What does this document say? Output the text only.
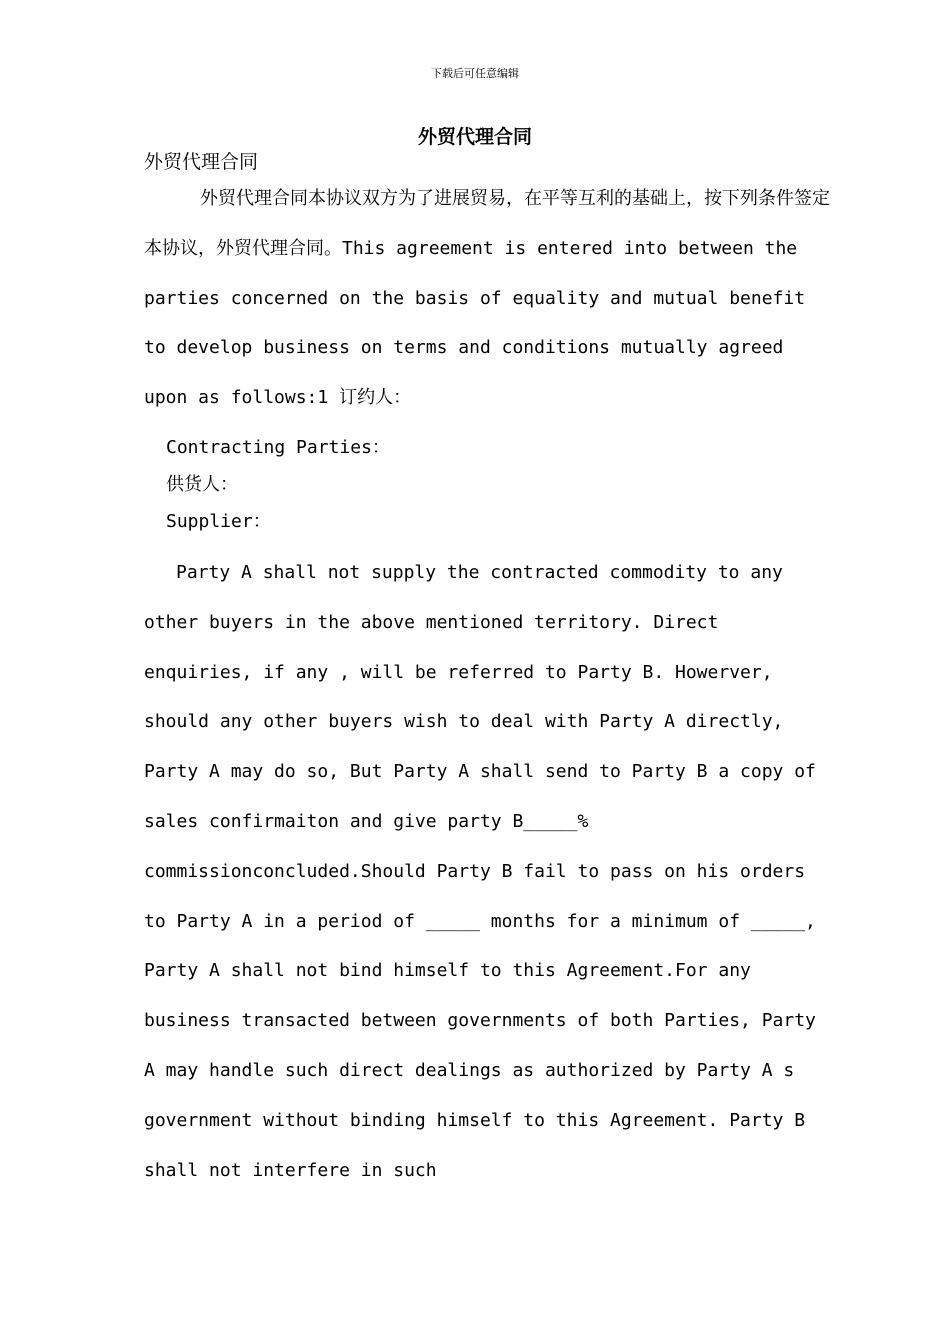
下载后可任意编辑
外贸代理合同
外贸代理合同
外贸代理合同本协议双方为了进展贸易，在平等互利的基础上，按下列条件签定本协议，外贸代理合同。This agreement is entered into between the parties concerned on the basis of equality and mutual benefit to develop business on terms and conditions mutually agreed upon as follows:1 订约人：
Contracting Parties：
供货人：
Supplier：
Party A shall not supply the contracted commodity to any other buyers in the above mentioned territory. Direct enquiries, if any , will be referred to Party B. Howerver, should any other buyers wish to deal with Party A directly, Party A may do so, But Party A shall send to Party B a copy of sales confirmaiton and give party B_____% commissionconcluded.Should Party B fail to pass on his orders to Party A in a period of _____ months for a minimum of _____, Party A shall not bind himself to this Agreement.For any business transacted between governments of both Parties, Party A may handle such direct dealings as authorized by Party A s government without binding himself to this Agreement. Party B shall not interfere in such
